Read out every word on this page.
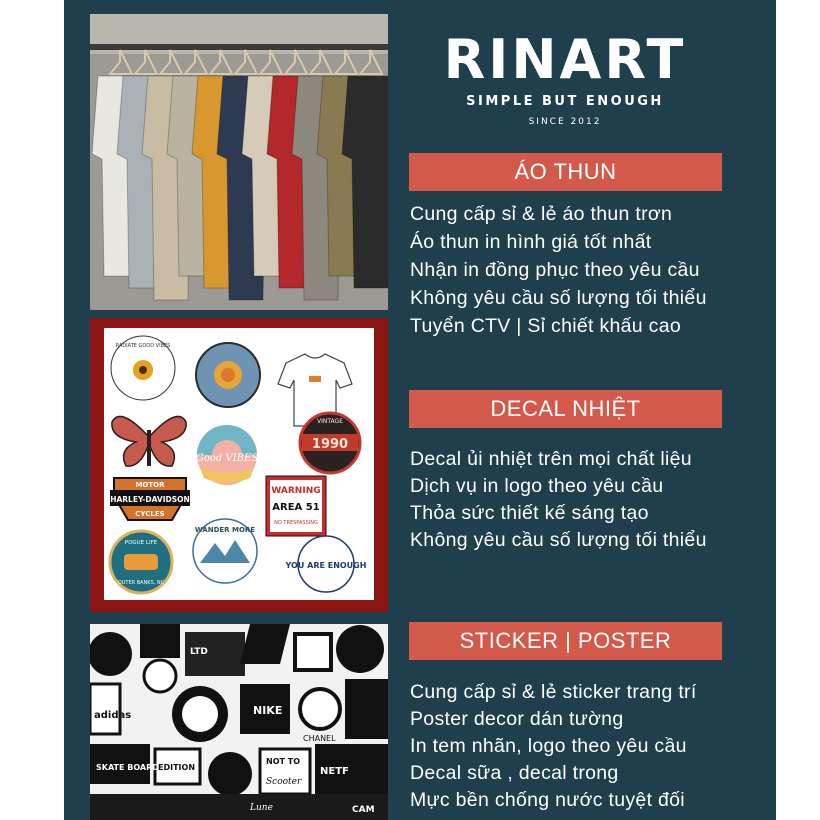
RADIATE GOOD VIBES
Good VIBES
1990
VINTAGE
HARLEY-DAVIDSON
MOTOR
CYCLES
WARNING
AREA 51
NO TRESPASSING
POGUE LIFE
OUTER BANKS, NC
WANDER MORE
YOU ARE ENOUGH
adidas	NIKE
CHANEL
SKATE BOARD EDITION
NOT TO
Scooter
NETF
CAM
LTD
Lune
RINART
SIMPLE BUT ENOUGH
SINCE 2012
ÁO THUN
Cung cấp sỉ & lẻ áo thun trơn
Áo thun in hình giá tốt nhất
Nhận in đồng phục theo yêu cầu
Không yêu cầu số lượng tối thiểu
Tuyển CTV | Sỉ chiết khấu cao
DECAL NHIỆT
Decal ủi nhiệt trên mọi chất liệu
Dịch vụ in logo theo yêu cầu
Thỏa sức thiết kế sáng tạo
Không yêu cầu số lượng tối thiểu
STICKER | POSTER
Cung cấp sỉ & lẻ sticker trang trí
Poster decor dán tường
In tem nhãn, logo theo yêu cầu
Decal sữa , decal trong
Mực bền chống nước tuyệt đối
